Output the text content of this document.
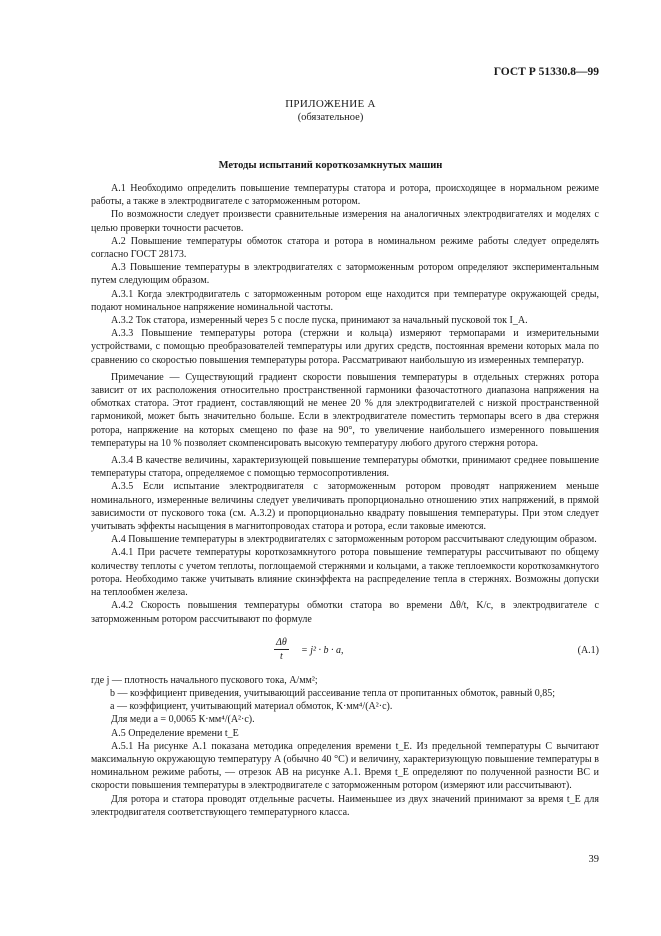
ГОСТ Р 51330.8—99
ПРИЛОЖЕНИЕ А
(обязательное)
Методы испытаний короткозамкнутых машин

А.1 Необходимо определить повышение температуры статора и ротора, происходящее в нормальном режиме работы, а также в электродвигателе с заторможенным ротором.

По возможности следует произвести сравнительные измерения на аналогичных электродвигателях и моделях с целью проверки точности расчетов.

А.2 Повышение температуры обмоток статора и ротора в номинальном режиме работы следует определять согласно ГОСТ 28173.

А.3 Повышение температуры в электродвигателях с заторможенным ротором определяют экспериментальным путем следующим образом.

А.3.1 Когда электродвигатель с заторможенным ротором еще находится при температуре окружающей среды, подают номинальное напряжение номинальной частоты.

А.3.2 Ток статора, измеренный через 5 с после пуска, принимают за начальный пусковой ток I_A.

А.3.3 Повышение температуры ротора (стержни и кольца) измеряют термопарами и измерительными устройствами, с помощью преобразователей температуры или других средств, постоянная времени которых мала по сравнению со скоростью повышения температуры ротора. Рассматривают наибольшую из измеренных температур.

Примечание — Существующий градиент скорости повышения температуры в отдельных стержнях ротора зависит от их расположения относительно пространственной гармоники фазочастотного диапазона напряжения на обмотках статора. Этот градиент, составляющий не менее 20 % для электродвигателей с низкой пространственной гармоникой, может быть значительно больше. Если в электродвигателе поместить термопары всего в два стержня ротора, напряжение на которых смещено по фазе на 90°, то увеличение наибольшего измеренного повышения температуры на 10 % позволяет скомпенсировать высокую температуру любого другого стержня ротора.

А.3.4 В качестве величины, характеризующей повышение температуры обмотки, принимают среднее повышение температуры статора, определяемое с помощью термосопротивления.

А.3.5 Если испытание электродвигателя с заторможенным ротором проводят напряжением меньше номинального, измеренные величины следует увеличивать пропорционально отношению этих напряжений, в прямой зависимости от пускового тока (см. А.3.2) и пропорционально квадрату повышения температуры. При этом следует учитывать эффекты насыщения в магнитопроводах статора и ротора, если таковые имеются.

А.4 Повышение температуры в электродвигателях с заторможенным ротором рассчитывают следующим образом.

А.4.1 При расчете температуры короткозамкнутого ротора повышение температуры рассчитывают по общему количеству теплоты с учетом теплоты, поглощаемой стержнями и кольцами, а также теплоемкости короткозамкнутого ротора. Необходимо также учитывать влияние скинэффекта на распределение тепла в стержнях. Возможны допуски на теплообмен железа.

А.4.2 Скорость повышения температуры обмотки статора во времени Δθ/t, K/c, в электродвигателе с заторможенным ротором рассчитывают по формуле

$\frac{\Delta\theta}{t} = j^2 \cdot b \cdot a$,	(А.1)

где j — плотность начального пускового тока, А/мм²;

b — коэффициент приведения, учитывающий рассеивание тепла от пропитанных обмоток, равный 0,85;

a — коэффициент, учитывающий материал обмоток, К·мм⁴/(А²·с).

Для меди a = 0,0065 К·мм⁴/(А²·с).

А.5 Определение времени t_E

А.5.1 На рисунке А.1 показана методика определения времени t_E. Из предельной температуры C вычитают максимальную окружающую температуру A (обычно 40 °С) и величину, характеризующую повышение температуры в номинальном режиме работы, — отрезок AB на рисунке А.1. Время t_E определяют по полученной разности BC и скорости повышения температуры в электродвигателе с заторможенным ротором (измеряют или рассчитывают).

Для ротора и статора проводят отдельные расчеты. Наименьшее из двух значений принимают за время t_E для электродвигателя соответствующего температурного класса.

39
